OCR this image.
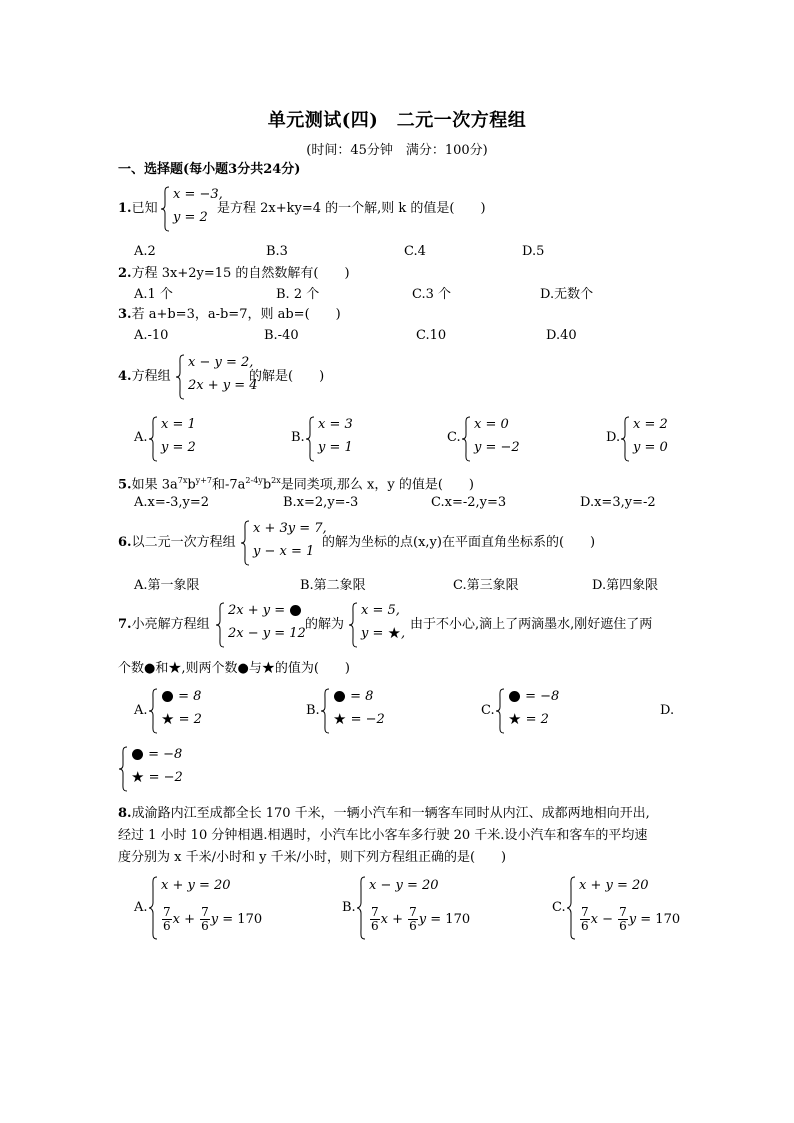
单元测试(四)　二元一次方程组
(时间：45分钟　满分：100分)
一、选择题(每小题3分共24分)
1.已知
x = −3,
y = 2
是方程 2x+ky=4 的一个解,则 k 的值是(　　)
A.2	B.3	C.4	D.5
2.方程 3x+2y=15 的自然数解有(　　)
A.1 个	B. 2 个	C.3 个	D.无数个
3.若 a+b=3，a-b=7，则 ab=(　　)
A.-10	B.-40	C.10	D.40
4.方程组
x − y = 2,
2x + y = 4
的解是(　　)
A.
x = 1
y = 2
B.
x = 3
y = 1
C.
x = 0
y = −2
D.
x = 2
y = 0
5.如果 $3a^{7x}b^{y+7}$和$-7a^{2-4y}b^{2x}$是同类项,那么 x，y 的值是(　　)
A.x=-3,y=2	B.x=2,y=-3	C.x=-2,y=3	D.x=3,y=-2
6.以二元一次方程组
x + 3y = 7,
y − x = 1
的解为坐标的点(x,y)在平面直角坐标系的(　　)
A.第一象限	B.第二象限	C.第三象限	D.第四象限
7.小亮解方程组
2x + y =
2x − y = 12
的解为
x = 5,
y = ★,
由于不小心,滴上了两滴墨水,刚好遮住了两
个数●和★,则两个数●与★的值为(　　)
A.
= 8
★ = 2
B.
= 8
★ = −2
C.
= −8
★ = 2
D.
= −8
★ = −2
8.成渝路内江至成都全长 170 千米，一辆小汽车和一辆客车同时从内江、成都两地相向开出,
经过 1 小时 10 分钟相遇.相遇时，小汽车比小客车多行驶 20 千米.设小汽车和客车的平均速
度分别为 x 千米/小时和 y 千米/小时，则下列方程组正确的是(　　)
A.
x + y = 20
$\frac{7}{6}$ $x + \frac{7}{6}$ y = 170
B.
x − y = 20
$\frac{7}{6}$ $x + \frac{7}{6}$ y = 170
C.
x + y = 20
$\frac{7}{6}$ $x - \frac{7}{6}$ y = 170
